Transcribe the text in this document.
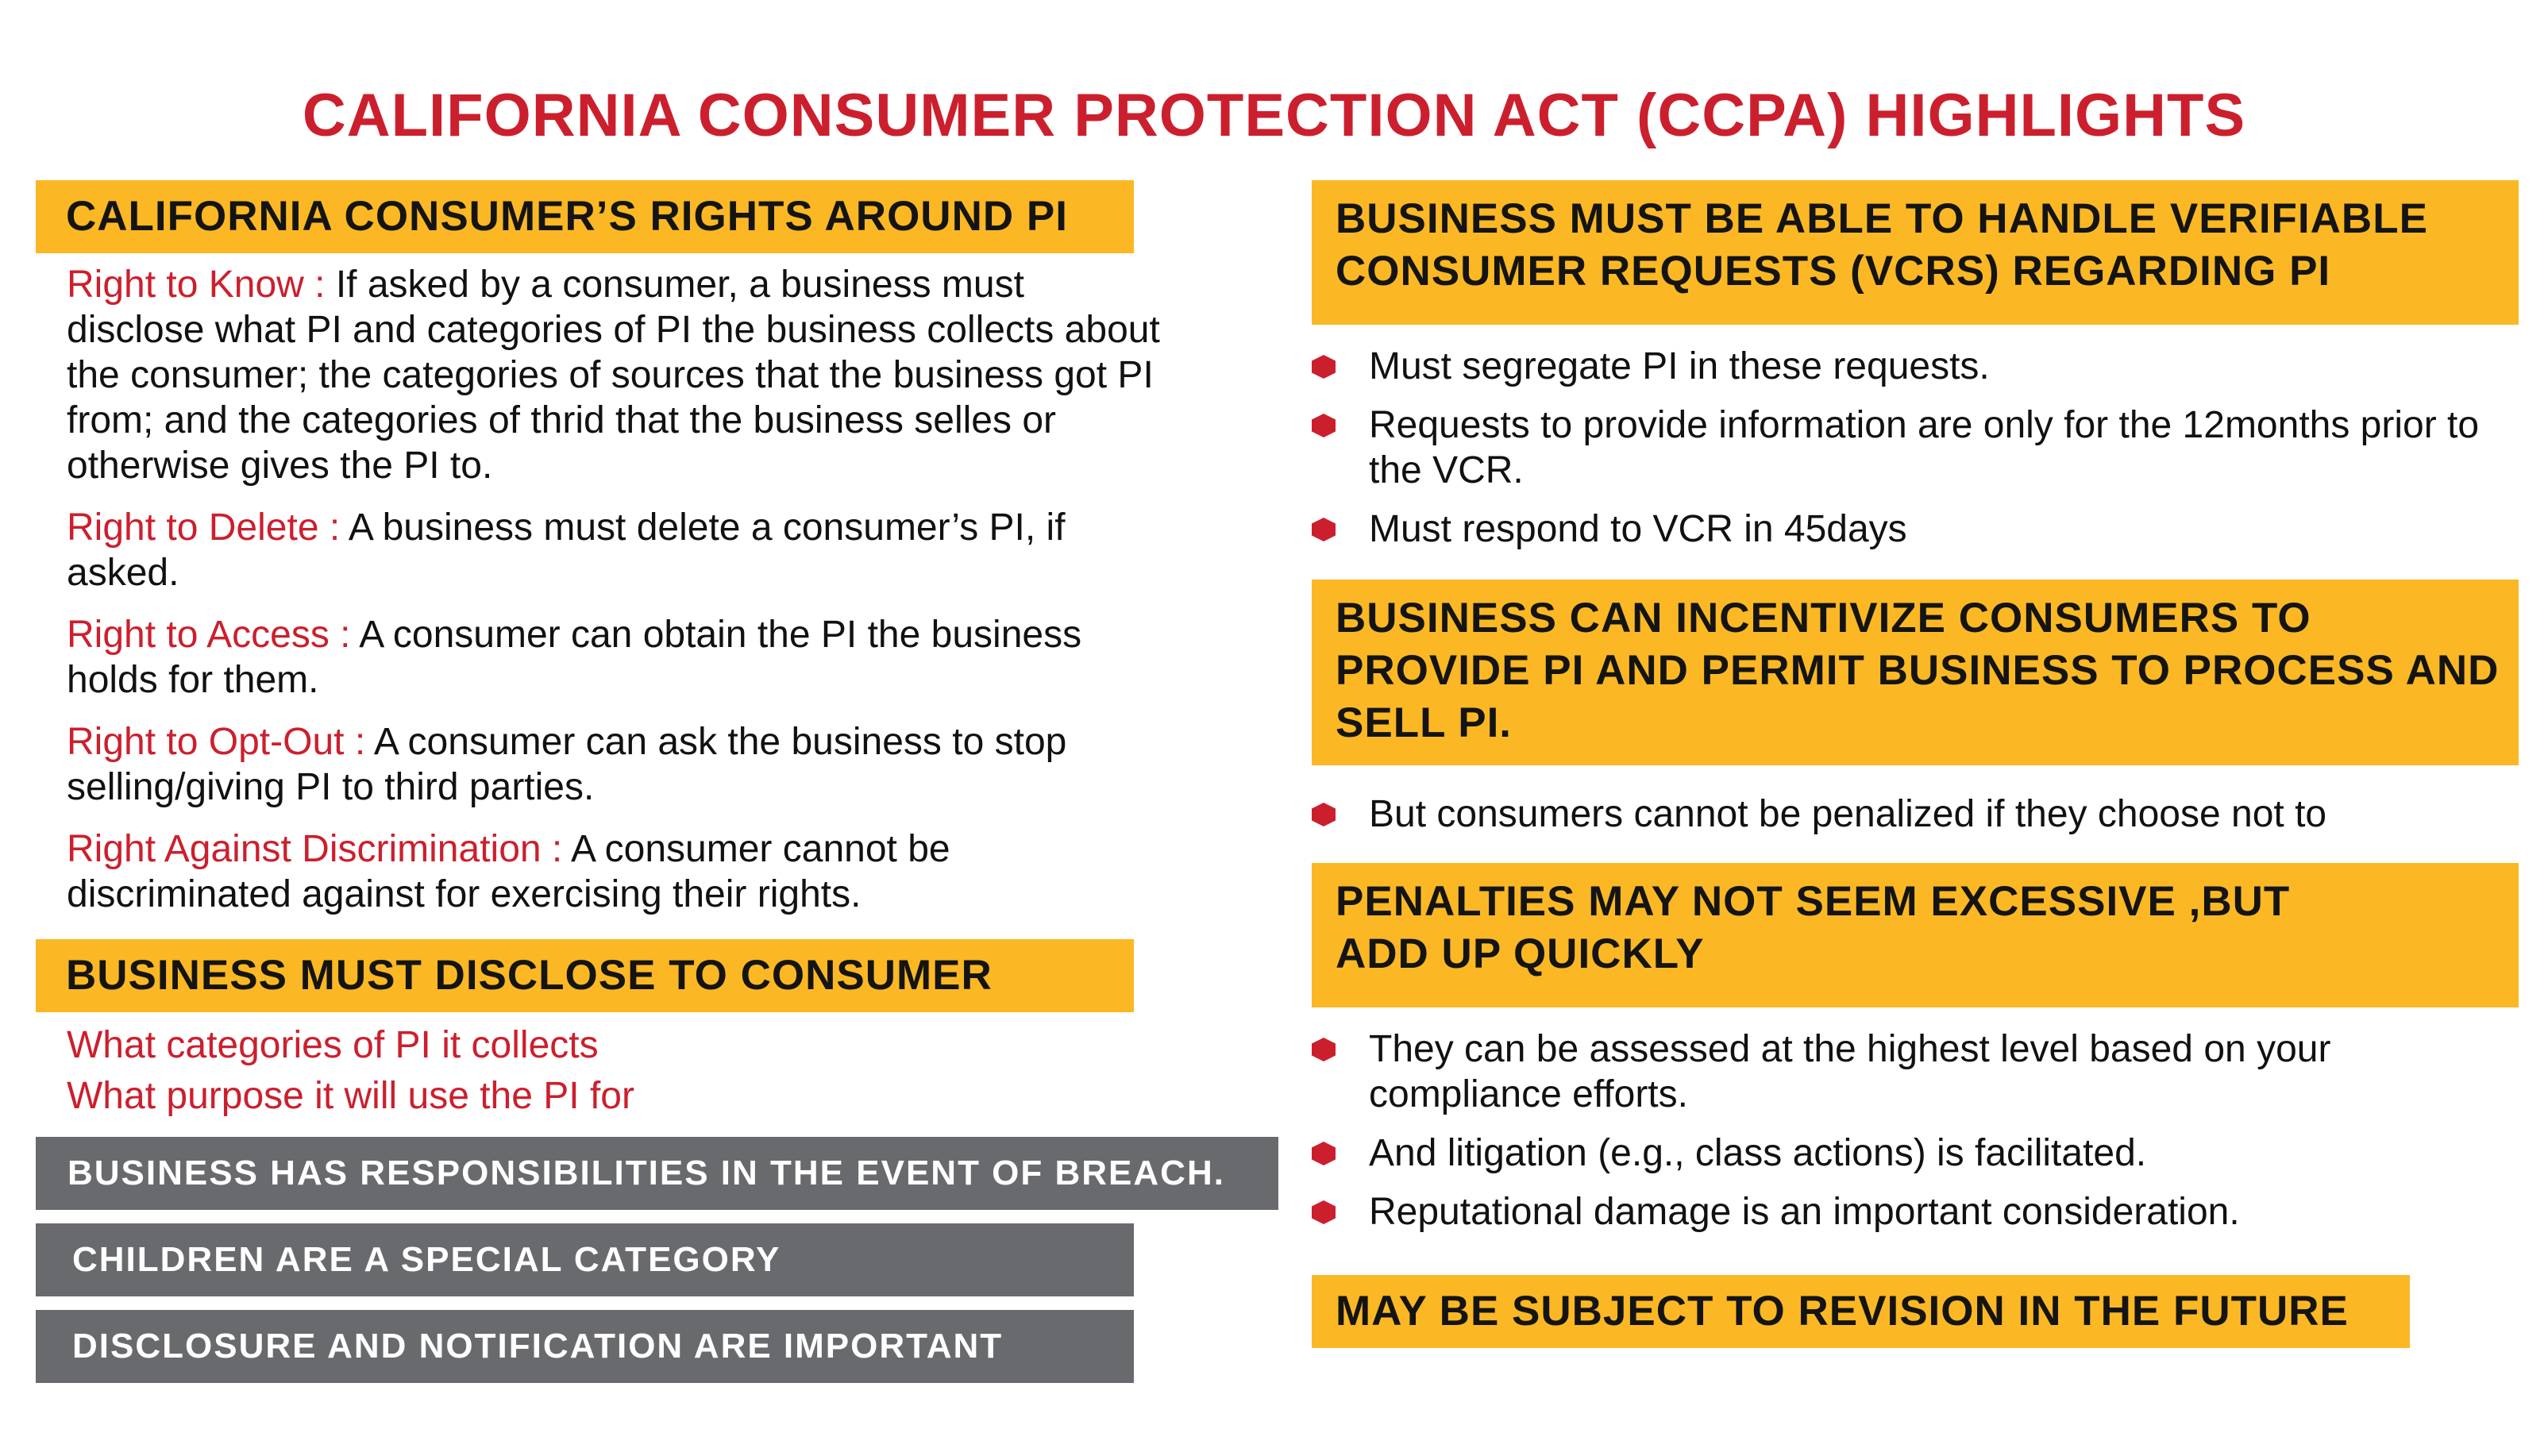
CALIFORNIA CONSUMER PROTECTION ACT (CCPA) HIGHLIGHTS
CALIFORNIA CONSUMER’S RIGHTS AROUND PI
Right to Know : If asked by a consumer, a business must disclose what PI and categories of PI the business collects about the consumer; the categories of sources that the business got PI from; and the categories of thrid that the business selles or otherwise gives the PI to.
Right to Delete : A business must delete a consumer’s PI, if asked.
Right to Access : A consumer can obtain the PI the business holds for them.
Right to Opt-Out : A consumer can ask the business to stop selling/giving PI to third parties.
Right Against Discrimination : A consumer cannot be discriminated against for exercising their rights.
BUSINESS MUST DISCLOSE TO CONSUMER
What categories of PI it collects
What purpose it will use the PI for
BUSINESS HAS RESPONSIBILITIES IN THE EVENT OF BREACH.
CHILDREN ARE A SPECIAL CATEGORY
DISCLOSURE AND NOTIFICATION ARE IMPORTANT
BUSINESS MUST BE ABLE TO HANDLE VERIFIABLE
CONSUMER REQUESTS (VCRS) REGARDING PI
Must segregate PI in these requests.
Requests to provide information are only for the 12months prior to the VCR.
Must respond to VCR in 45days
BUSINESS CAN INCENTIVIZE CONSUMERS TO
PROVIDE PI AND PERMIT BUSINESS TO PROCESS AND
SELL PI.
But consumers cannot be penalized if they choose not to
PENALTIES MAY NOT SEEM EXCESSIVE ,BUT
ADD UP QUICKLY
They can be assessed at the highest level based on your compliance efforts.
And litigation (e.g., class actions) is facilitated.
Reputational damage is an important consideration.
MAY BE SUBJECT TO REVISION IN THE FUTURE
